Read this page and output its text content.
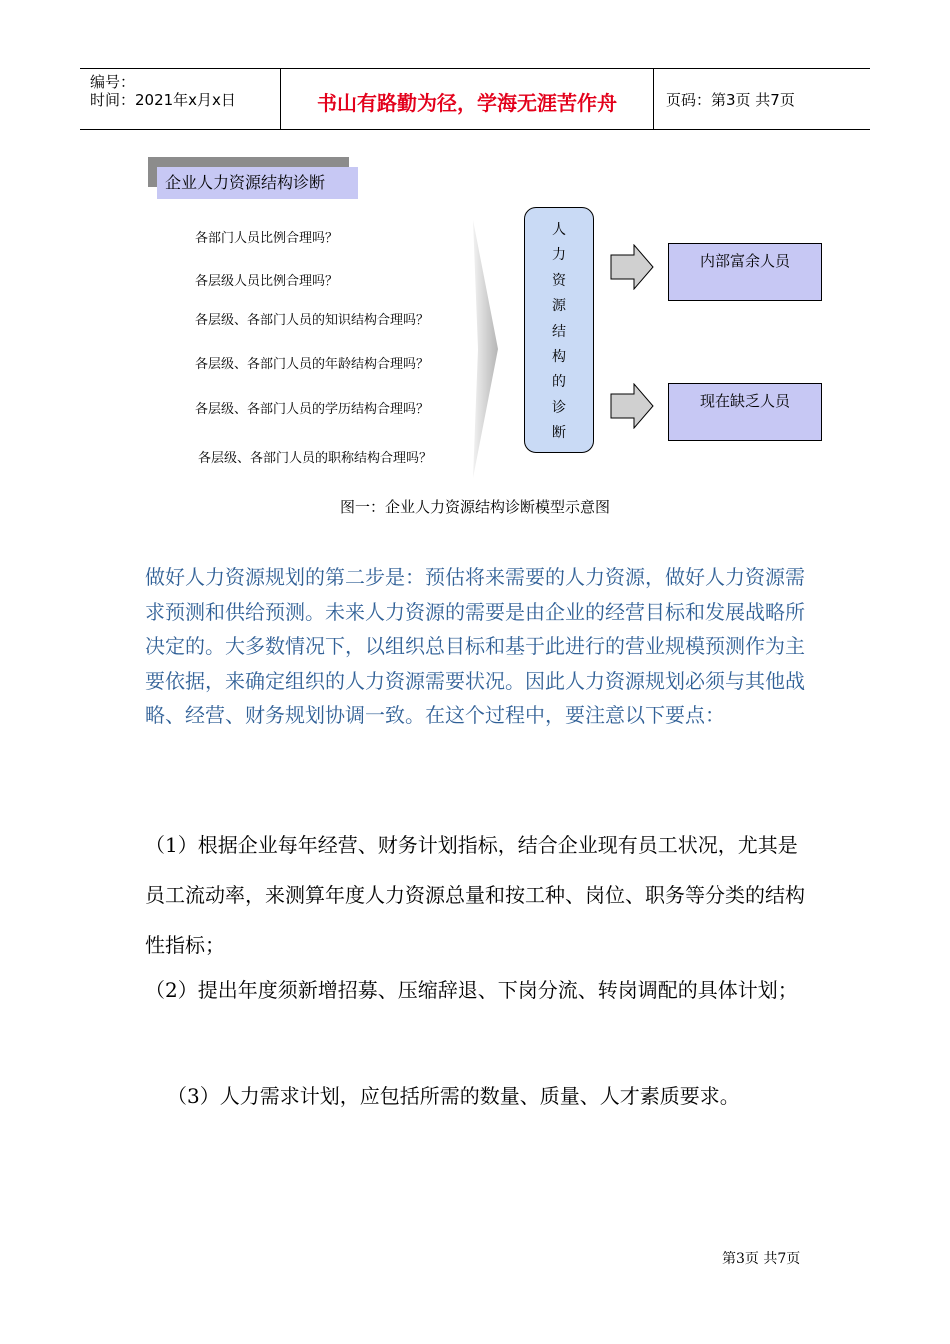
编号：
时间：2021年x月x日	书山有路勤为径，学海无涯苦作舟	页码：第3页 共7页
企业人力资源结构诊断
各部门人员比例合理吗？
各层级人员比例合理吗？
各层级、各部门人员的知识结构合理吗？
各层级、各部门人员的年龄结构合理吗？
各层级、各部门人员的学历结构合理吗？
各层级、各部门人员的职称结构合理吗？
人力资源结构的诊断
内部富余人员
现在缺乏人员
图一：企业人力资源结构诊断模型示意图
做好人力资源规划的第二步是：预估将来需要的人力资源，做好人力资源需求预测和供给预测。未来人力资源的需要是由企业的经营目标和发展战略所决定的。大多数情况下，以组织总目标和基于此进行的营业规模预测作为主要依据，来确定组织的人力资源需要状况。因此人力资源规划必须与其他战略、经营、财务规划协调一致。在这个过程中，要注意以下要点：
（1）根据企业每年经营、财务计划指标，结合企业现有员工状况，尤其是员工流动率，来测算年度人力资源总量和按工种、岗位、职务等分类的结构性指标；
（2）提出年度须新增招募、压缩辞退、下岗分流、转岗调配的具体计划；
（3）人力需求计划，应包括所需的数量、质量、人才素质要求。
第3页 共7页
